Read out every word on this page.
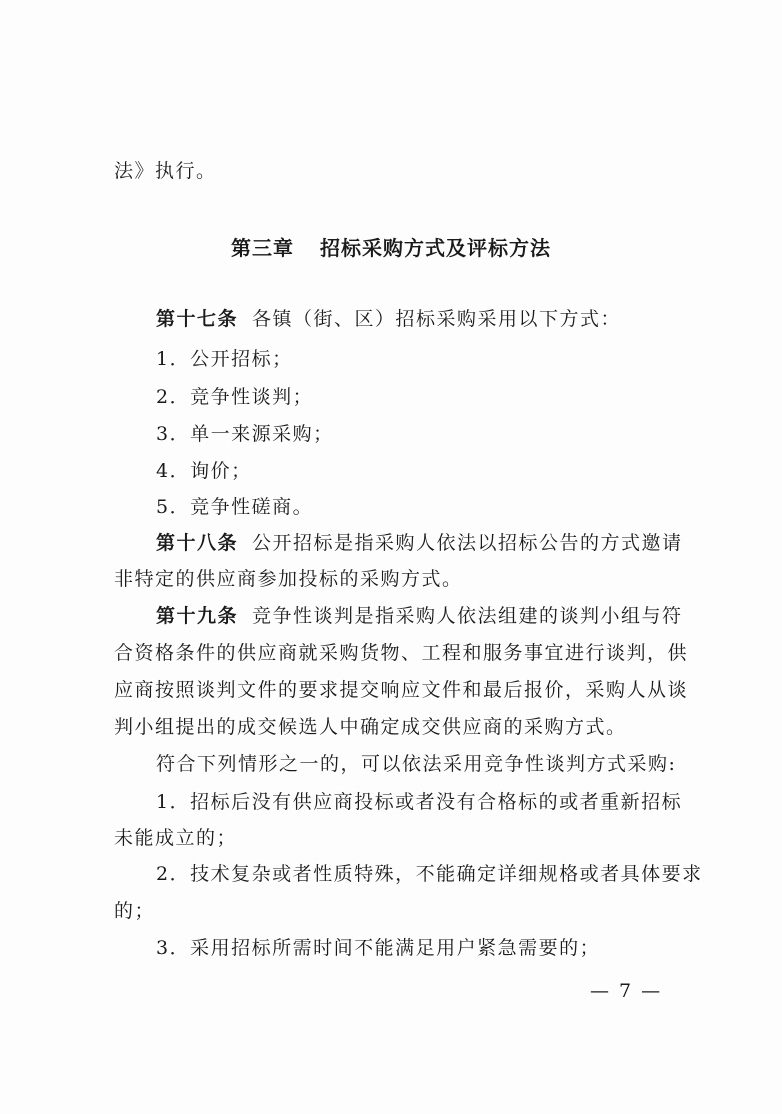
法》执行。
第三章 招标采购方式及评标方法
第十七条 各镇（街、区）招标采购采用以下方式：
1．公开招标；
2．竞争性谈判；
3．单一来源采购；
4．询价；
5．竞争性磋商。
第十八条 公开招标是指采购人依法以招标公告的方式邀请
非特定的供应商参加投标的采购方式。
第十九条 竞争性谈判是指采购人依法组建的谈判小组与符
合资格条件的供应商就采购货物、工程和服务事宜进行谈判，供
应商按照谈判文件的要求提交响应文件和最后报价，采购人从谈
判小组提出的成交候选人中确定成交供应商的采购方式。
符合下列情形之一的，可以依法采用竞争性谈判方式采购:
1．招标后没有供应商投标或者没有合格标的或者重新招标
未能成立的；
2．技术复杂或者性质特殊，不能确定详细规格或者具体要求
的；
3．采用招标所需时间不能满足用户紧急需要的；
— 7 —
